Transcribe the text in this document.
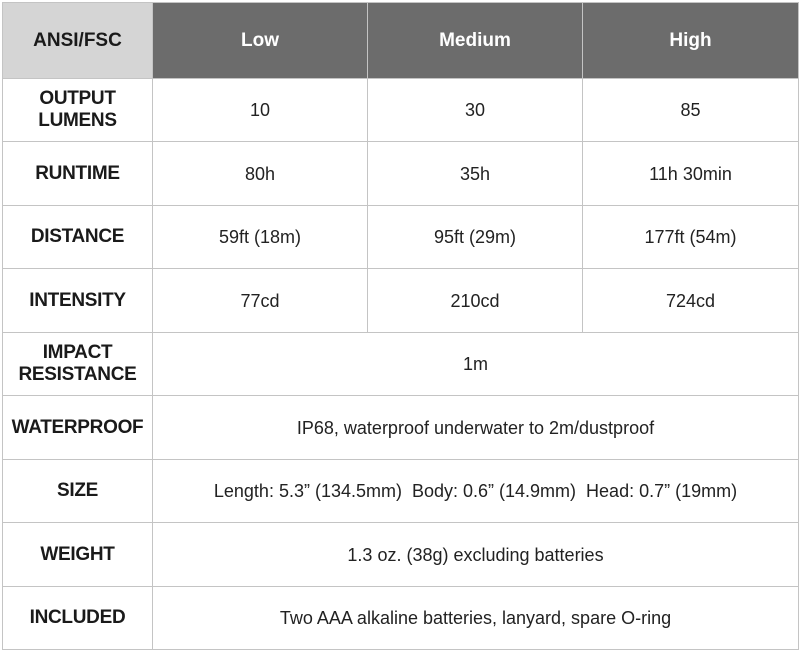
ANSI/FSC	Low	Medium	High
OUTPUT
LUMENS	10	30	85
RUNTIME	80h	35h	11h 30min
DISTANCE	59ft (18m)	95ft (29m)	177ft (54m)
INTENSITY	77cd	210cd	724cd
IMPACT
RESISTANCE	1m		
WATERPROOF	IP68, waterproof underwater to 2m/dustproof		
SIZE	Length: 5.3” (134.5mm)  Body: 0.6” (14.9mm)  Head: 0.7” (19mm)		
WEIGHT	1.3 oz. (38g) excluding batteries		
INCLUDED	Two AAA alkaline batteries, lanyard, spare O-ring		
